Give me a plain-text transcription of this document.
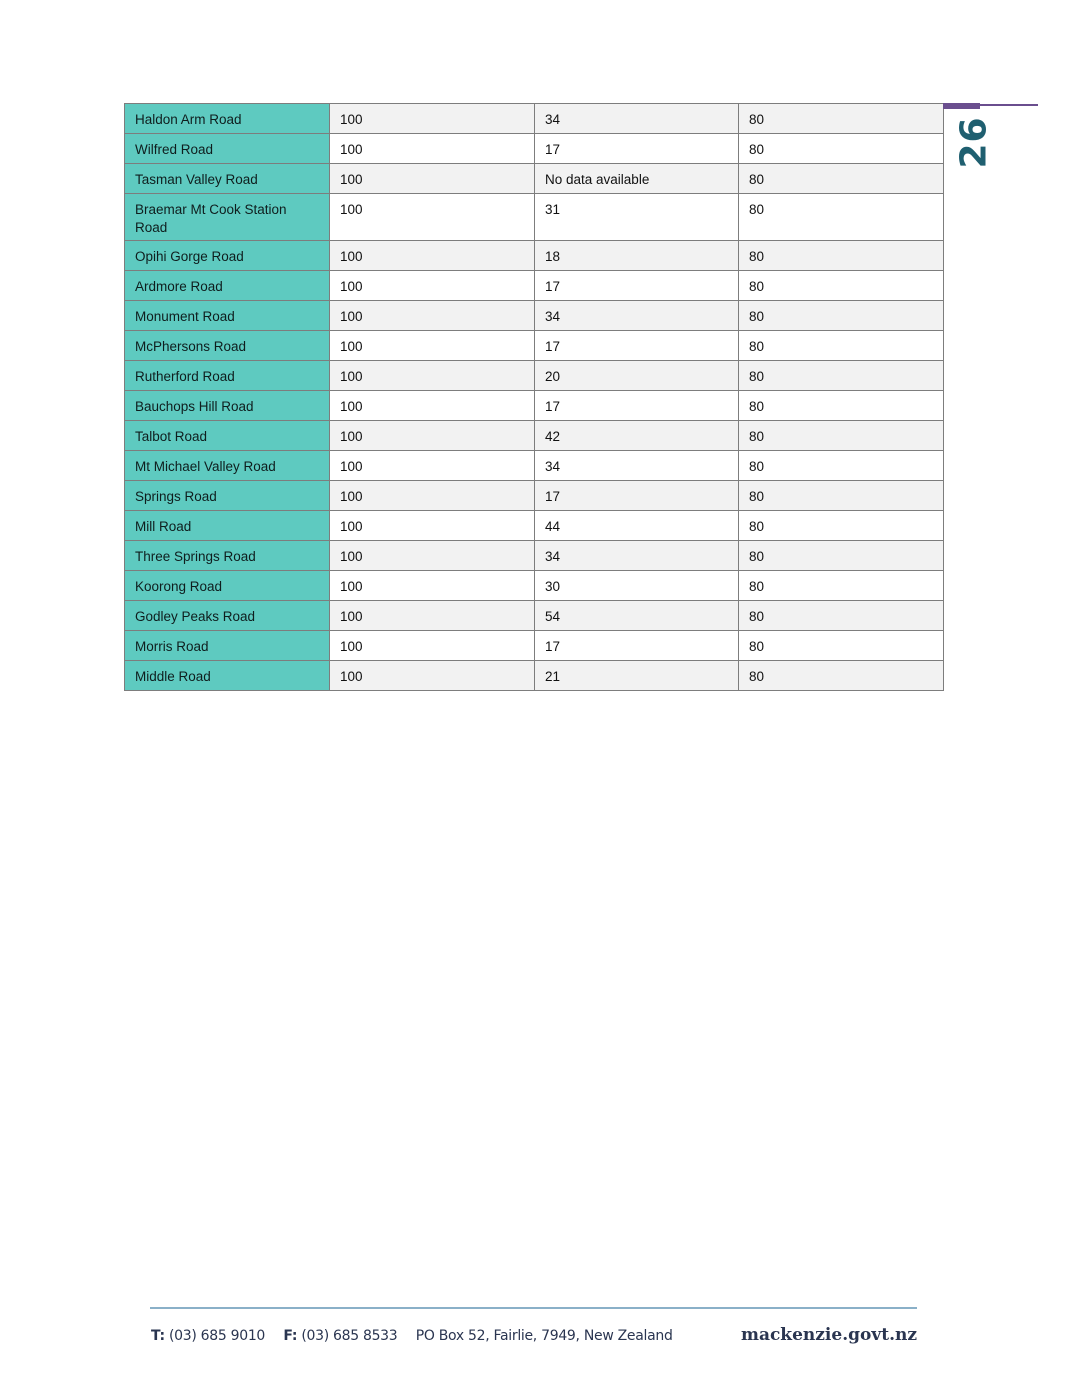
Haldon Arm Road	100	34	80
Wilfred Road	100	17	80
Tasman Valley Road	100	No data available	80
Braemar Mt Cook Station Road	100	31	80
Opihi Gorge Road	100	18	80
Ardmore Road	100	17	80
Monument Road	100	34	80
McPhersons Road	100	17	80
Rutherford Road	100	20	80
Bauchops Hill Road	100	17	80
Talbot Road	100	42	80
Mt Michael Valley Road	100	34	80
Springs Road	100	17	80
Mill Road	100	44	80
Three Springs Road	100	34	80
Koorong Road	100	30	80
Godley Peaks Road	100	54	80
Morris Road	100	17	80
Middle Road	100	21	80
26
T: (03) 685 9010 F: (03) 685 8533 PO Box 52, Fairlie, 7949, New Zealand	mackenzie.govt.nz
